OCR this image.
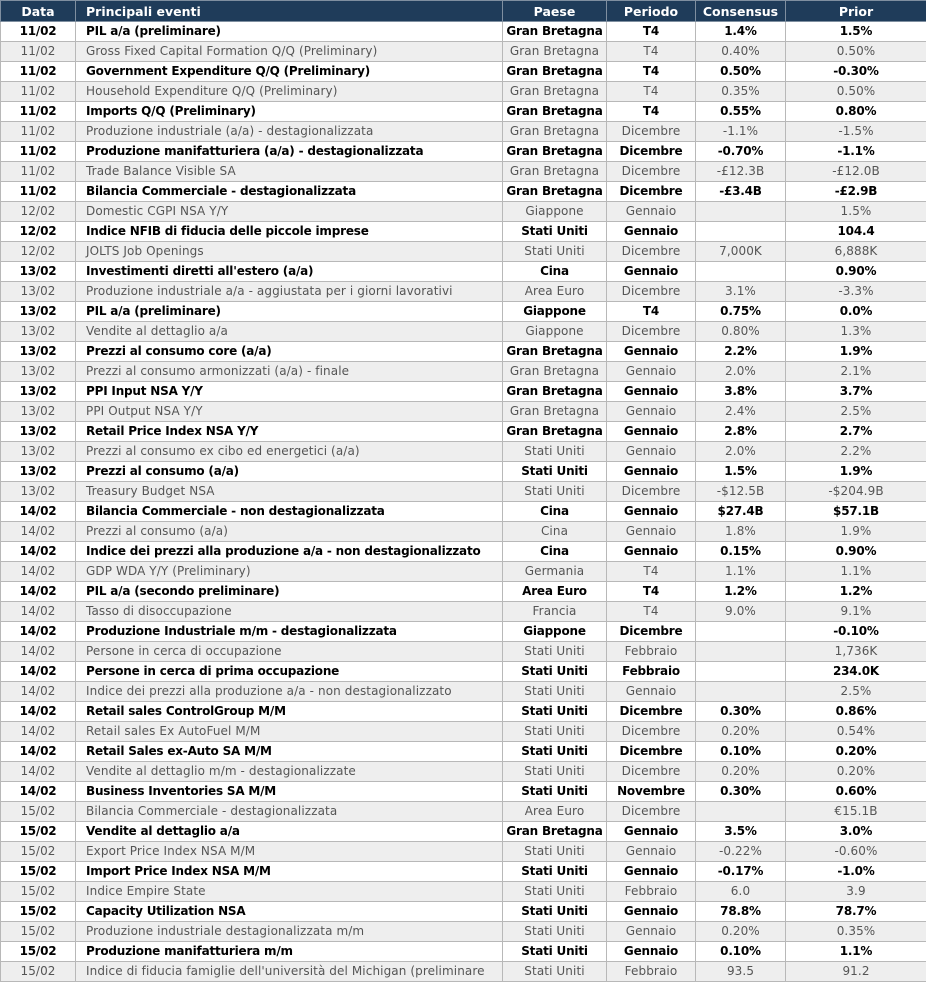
Data	Principali eventi	Paese	Periodo	Consensus	Prior
11/02	PIL a/a (preliminare)	Gran Bretagna	T4	1.4%	1.5%
11/02	Gross Fixed Capital Formation Q/Q (Preliminary)	Gran Bretagna	T4	0.40%	0.50%
11/02	Government Expenditure Q/Q (Preliminary)	Gran Bretagna	T4	0.50%	-0.30%
11/02	Household Expenditure Q/Q (Preliminary)	Gran Bretagna	T4	0.35%	0.50%
11/02	Imports Q/Q (Preliminary)	Gran Bretagna	T4	0.55%	0.80%
11/02	Produzione industriale (a/a) - destagionalizzata	Gran Bretagna	Dicembre	-1.1%	-1.5%
11/02	Produzione manifatturiera (a/a) - destagionalizzata	Gran Bretagna	Dicembre	-0.70%	-1.1%
11/02	Trade Balance Visible SA	Gran Bretagna	Dicembre	-£12.3B	-£12.0B
11/02	Bilancia Commerciale - destagionalizzata	Gran Bretagna	Dicembre	-£3.4B	-£2.9B
12/02	Domestic CGPI NSA Y/Y	Giappone	Gennaio		1.5%
12/02	Indice NFIB di fiducia delle piccole imprese	Stati Uniti	Gennaio		104.4
12/02	JOLTS Job Openings	Stati Uniti	Dicembre	7,000K	6,888K
13/02	Investimenti diretti all'estero (a/a)	Cina	Gennaio		0.90%
13/02	Produzione industriale a/a - aggiustata per i giorni lavorativi	Area Euro	Dicembre	3.1%	-3.3%
13/02	PIL a/a (preliminare)	Giappone	T4	0.75%	0.0%
13/02	Vendite al dettaglio a/a	Giappone	Dicembre	0.80%	1.3%
13/02	Prezzi al consumo core (a/a)	Gran Bretagna	Gennaio	2.2%	1.9%
13/02	Prezzi al consumo armonizzati (a/a) - finale	Gran Bretagna	Gennaio	2.0%	2.1%
13/02	PPI Input NSA Y/Y	Gran Bretagna	Gennaio	3.8%	3.7%
13/02	PPI Output NSA Y/Y	Gran Bretagna	Gennaio	2.4%	2.5%
13/02	Retail Price Index NSA Y/Y	Gran Bretagna	Gennaio	2.8%	2.7%
13/02	Prezzi al consumo ex cibo ed energetici (a/a)	Stati Uniti	Gennaio	2.0%	2.2%
13/02	Prezzi al consumo (a/a)	Stati Uniti	Gennaio	1.5%	1.9%
13/02	Treasury Budget NSA	Stati Uniti	Dicembre	-$12.5B	-$204.9B
14/02	Bilancia Commerciale - non destagionalizzata	Cina	Gennaio	$27.4B	$57.1B
14/02	Prezzi al consumo (a/a)	Cina	Gennaio	1.8%	1.9%
14/02	Indice dei prezzi alla produzione a/a - non destagionalizzato	Cina	Gennaio	0.15%	0.90%
14/02	GDP WDA Y/Y (Preliminary)	Germania	T4	1.1%	1.1%
14/02	PIL a/a (secondo preliminare)	Area Euro	T4	1.2%	1.2%
14/02	Tasso di disoccupazione	Francia	T4	9.0%	9.1%
14/02	Produzione Industriale m/m - destagionalizzata	Giappone	Dicembre		-0.10%
14/02	Persone in cerca di occupazione	Stati Uniti	Febbraio		1,736K
14/02	Persone in cerca di prima occupazione	Stati Uniti	Febbraio		234.0K
14/02	Indice dei prezzi alla produzione a/a - non destagionalizzato	Stati Uniti	Gennaio		2.5%
14/02	Retail sales ControlGroup M/M	Stati Uniti	Dicembre	0.30%	0.86%
14/02	Retail sales Ex AutoFuel M/M	Stati Uniti	Dicembre	0.20%	0.54%
14/02	Retail Sales ex-Auto SA M/M	Stati Uniti	Dicembre	0.10%	0.20%
14/02	Vendite al dettaglio m/m - destagionalizzate	Stati Uniti	Dicembre	0.20%	0.20%
14/02	Business Inventories SA M/M	Stati Uniti	Novembre	0.30%	0.60%
15/02	Bilancia Commerciale - destagionalizzata	Area Euro	Dicembre		€15.1B
15/02	Vendite al dettaglio a/a	Gran Bretagna	Gennaio	3.5%	3.0%
15/02	Export Price Index NSA M/M	Stati Uniti	Gennaio	-0.22%	-0.60%
15/02	Import Price Index NSA M/M	Stati Uniti	Gennaio	-0.17%	-1.0%
15/02	Indice Empire State	Stati Uniti	Febbraio	6.0	3.9
15/02	Capacity Utilization NSA	Stati Uniti	Gennaio	78.8%	78.7%
15/02	Produzione industriale destagionalizzata m/m	Stati Uniti	Gennaio	0.20%	0.35%
15/02	Produzione manifatturiera m/m	Stati Uniti	Gennaio	0.10%	1.1%
15/02	Indice di fiducia famiglie dell'università del Michigan (preliminare	Stati Uniti	Febbraio	93.5	91.2
